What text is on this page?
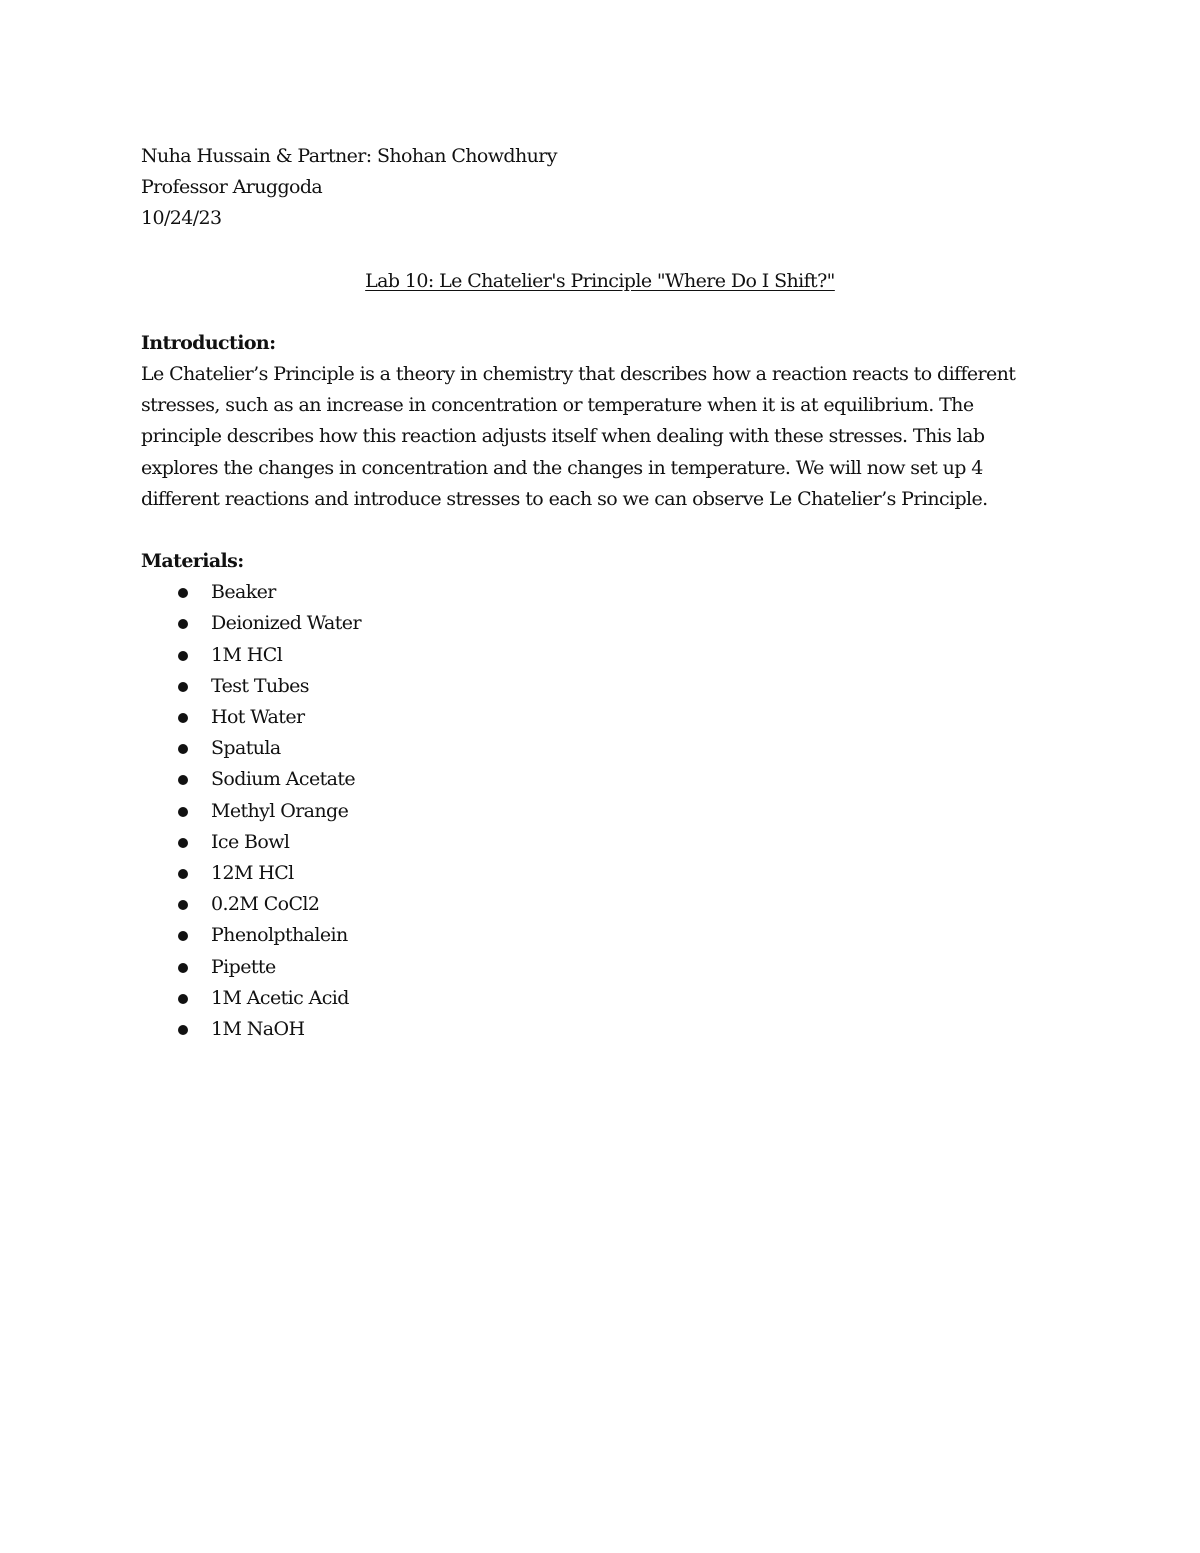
Nuha Hussain & Partner: Shohan Chowdhury

Professor Aruggoda

10/24/23

Lab 10: Le Chatelier's Principle "Where Do I Shift?"

Introduction:

Le Chatelier’s Principle is a theory in chemistry that describes how a reaction reacts to different
stresses, such as an increase in concentration or temperature when it is at equilibrium. The
principle describes how this reaction adjusts itself when dealing with these stresses. This lab
explores the changes in concentration and the changes in temperature. We will now set up 4
different reactions and introduce stresses to each so we can observe Le Chatelier’s Principle.

Materials:

Beaker
Deionized Water
1M HCl
Test Tubes
Hot Water
Spatula
Sodium Acetate
Methyl Orange
Ice Bowl
12M HCl
0.2M CoCl2
Phenolpthalein
Pipette
1M Acetic Acid
1M NaOH
